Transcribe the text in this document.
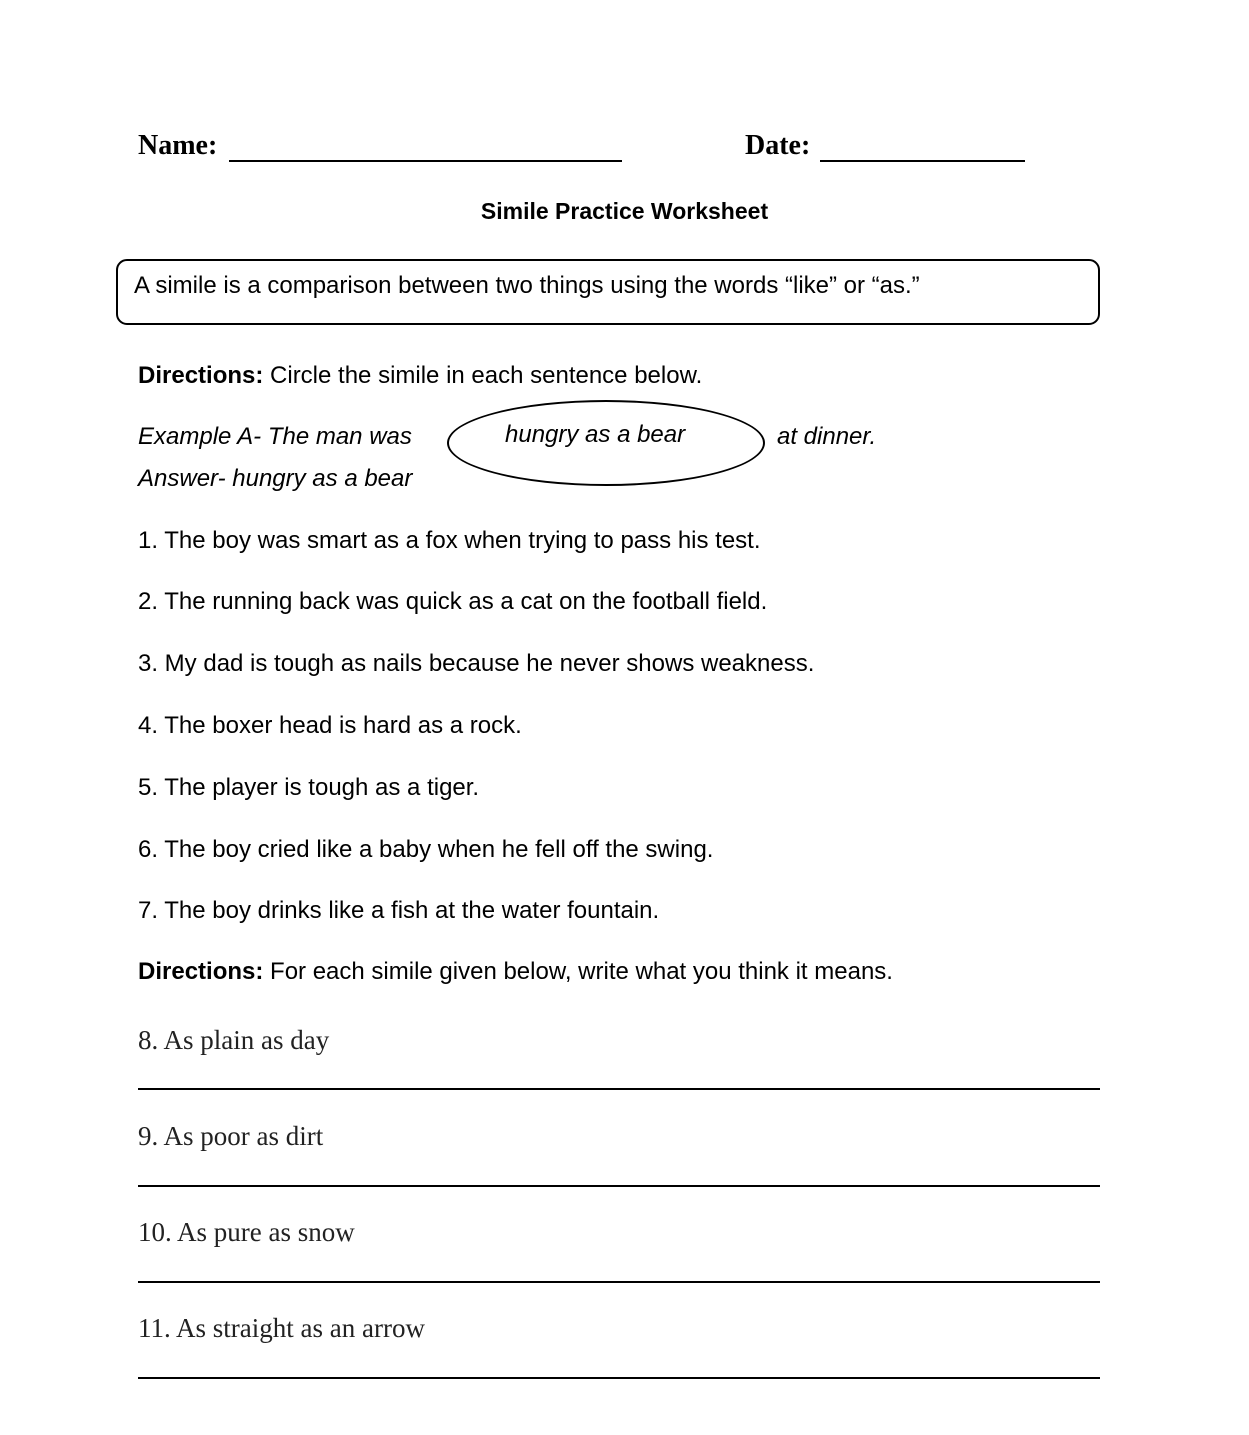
Name:	Date:
Simile Practice Worksheet
A simile is a comparison between two things using the words “like” or “as.”
Directions: Circle the simile in each sentence below.
Example A- The man was	hungry as a bear	at dinner.
Answer- hungry as a bear
1. The boy was smart as a fox when trying to pass his test.
2. The running back was quick as a cat on the football field.
3. My dad is tough as nails because he never shows weakness.
4. The boxer head is hard as a rock.
5. The player is tough as a tiger.
6. The boy cried like a baby when he fell off the swing.
7. The boy drinks like a fish at the water fountain.
Directions: For each simile given below, write what you think it means.
8. As plain as day
9. As poor as dirt
10. As pure as snow
11. As straight as an arrow
